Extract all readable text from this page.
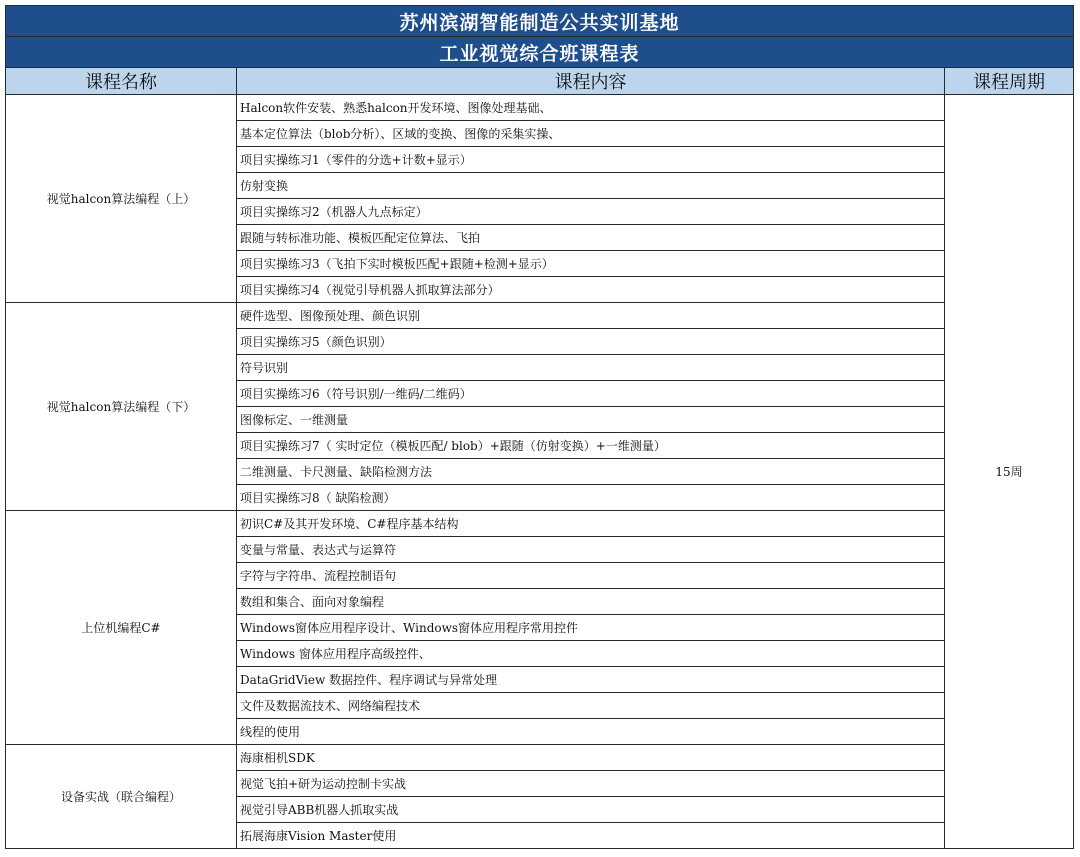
苏州滨湖智能制造公共实训基地		
工业视觉综合班课程表		
课程名称	课程内容	课程周期
视觉halcon算法编程（上）	Halcon软件安装、熟悉halcon开发环境、图像处理基础、	15周
	基本定位算法（blob分析）、区域的变换、图像的采集实操、	
	项目实操练习1（零件的分选+计数+显示）	
	仿射变换	
	项目实操练习2（机器人九点标定）	
	跟随与转标准功能、模板匹配定位算法、飞拍	
	项目实操练习3（飞拍下实时模板匹配+跟随+检测+显示）	
	项目实操练习4（视觉引导机器人抓取算法部分）	
视觉halcon算法编程（下）	硬件选型、图像预处理、颜色识别	
	项目实操练习5（颜色识别）	
	符号识别	
	项目实操练习6（符号识别/一维码/二维码）	
	图像标定、一维测量	
	项目实操练习7（ 实时定位（模板匹配/ blob）+跟随（仿射变换）+一维测量）	
	二维测量、卡尺测量、缺陷检测方法	
	项目实操练习8（ 缺陷检测）	
上位机编程C#	初识C#及其开发环境、C#程序基本结构	
	变量与常量、表达式与运算符	
	字符与字符串、流程控制语句	
	数组和集合、面向对象编程	
	Windows窗体应用程序设计、Windows窗体应用程序常用控件	
	Windows 窗体应用程序高级控件、	
	DataGridView 数据控件、程序调试与异常处理	
	文件及数据流技术、网络编程技术	
	线程的使用	
设备实战（联合编程）	海康相机SDK	
	视觉飞拍+研为运动控制卡实战	
	视觉引导ABB机器人抓取实战	
	拓展海康Vision Master使用	
